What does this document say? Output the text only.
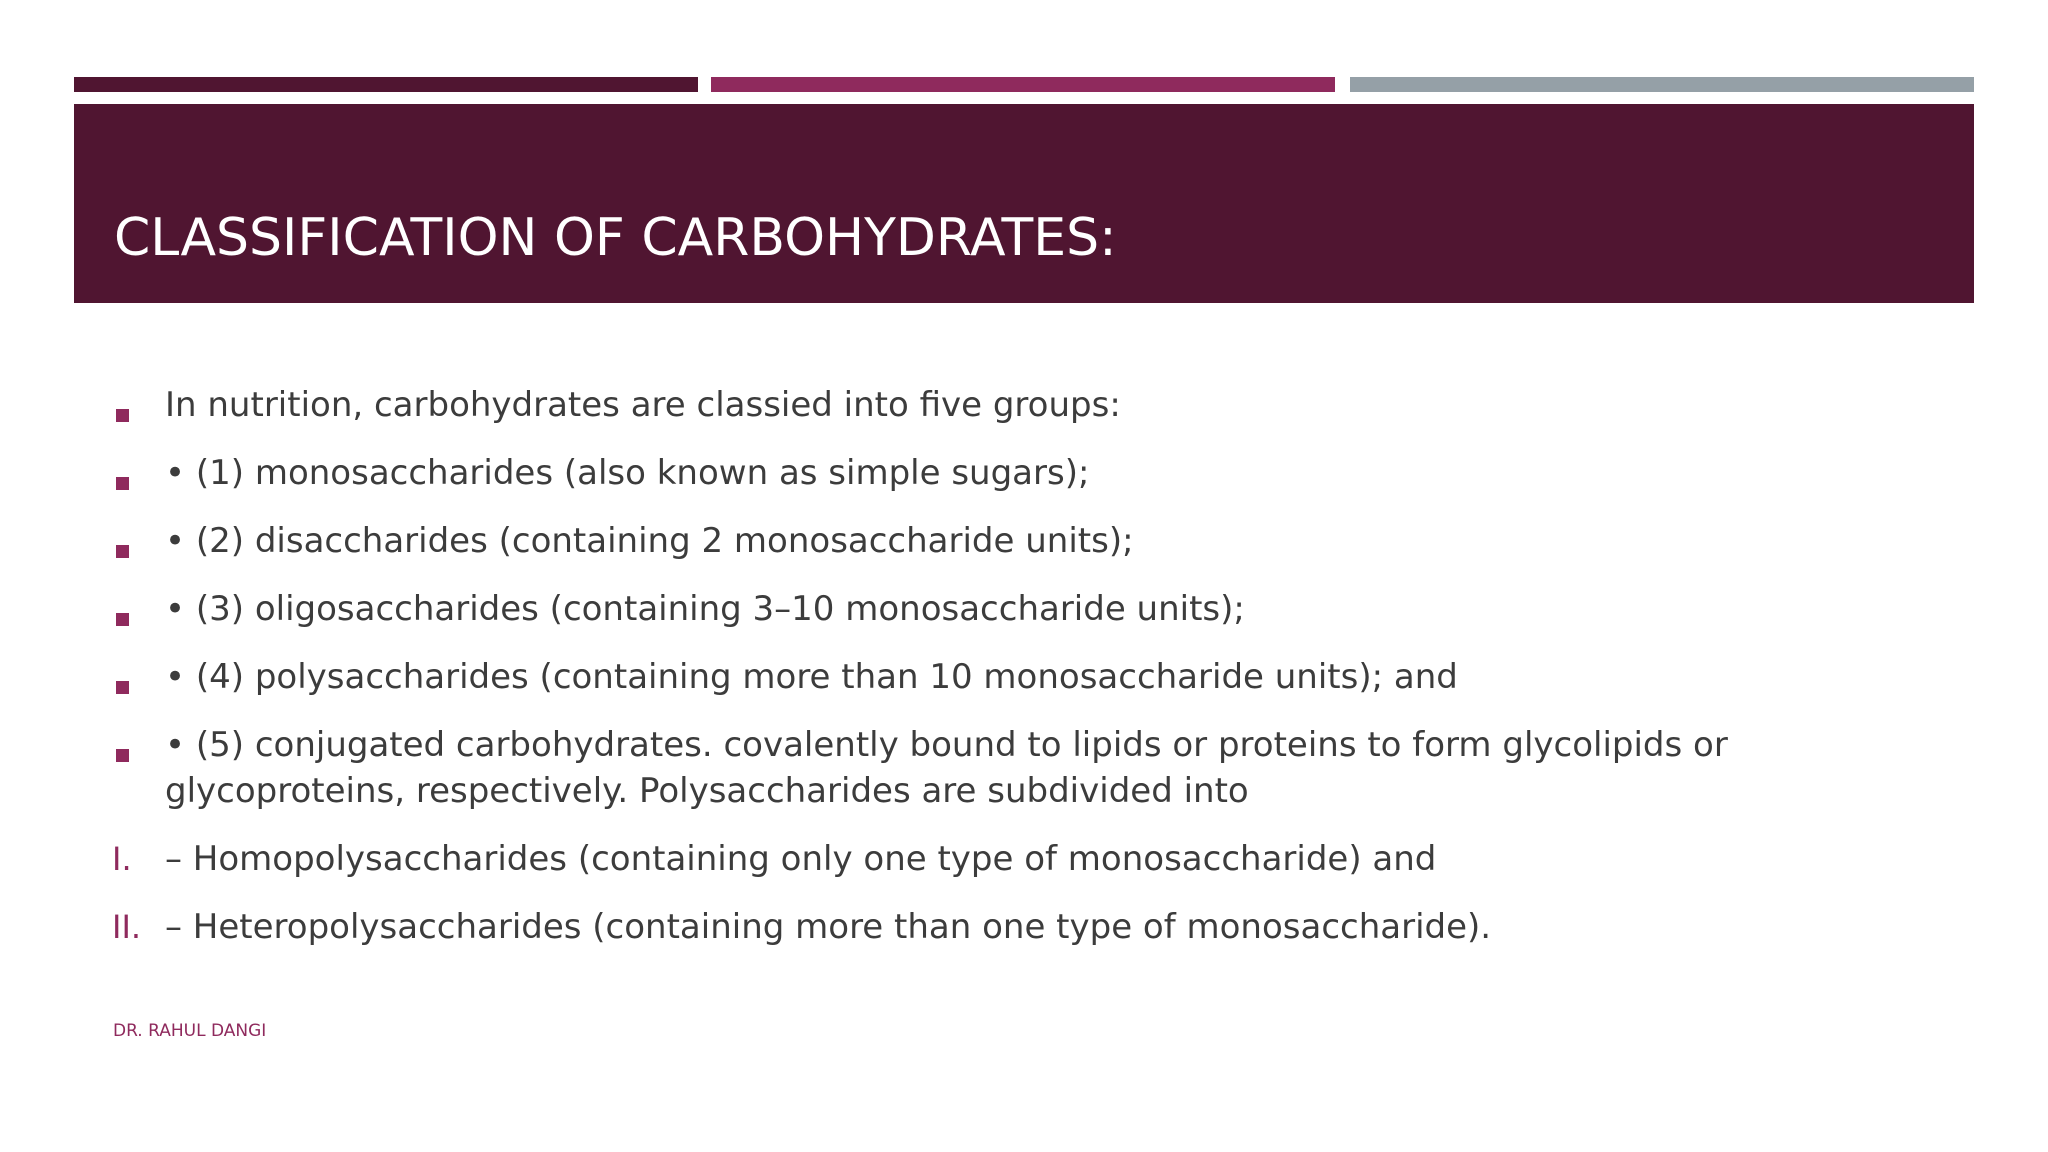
CLASSIFICATION OF CARBOHYDRATES:
In nutrition, carbohydrates are classied into five groups:
• (1) monosaccharides (also known as simple sugars);
• (2) disaccharides (containing 2 monosaccharide units);
• (3) oligosaccharides (containing 3–10 monosaccharide units);
• (4) polysaccharides (containing more than 10 monosaccharide units); and
• (5) conjugated carbohydrates. covalently bound to lipids or proteins to form glycolipids or glycoproteins, respectively. Polysaccharides are subdivided into
I. – Homopolysaccharides (containing only one type of monosaccharide) and
II. – Heteropolysaccharides (containing more than one type of monosaccharide).
DR. RAHUL DANGI
